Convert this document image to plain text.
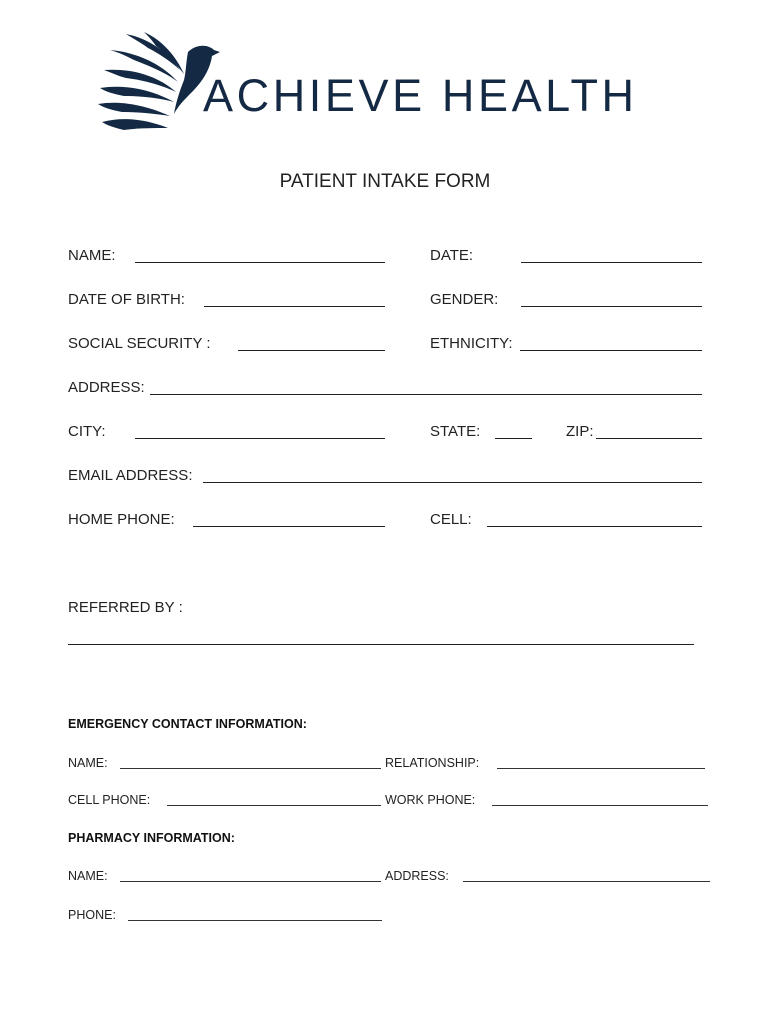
ACHIEVE HEALTH
PATIENT INTAKE FORM
NAME:	DATE:
DATE OF BIRTH:	GENDER:
SOCIAL SECURITY :	ETHNICITY:
ADDRESS:
CITY:	STATE:	ZIP:
EMAIL ADDRESS:
HOME PHONE:	CELL:
REFERRED BY :
EMERGENCY CONTACT INFORMATION:
NAME:	RELATIONSHIP:
CELL PHONE:	WORK PHONE:
PHARMACY INFORMATION:
NAME:	ADDRESS:
PHONE:
